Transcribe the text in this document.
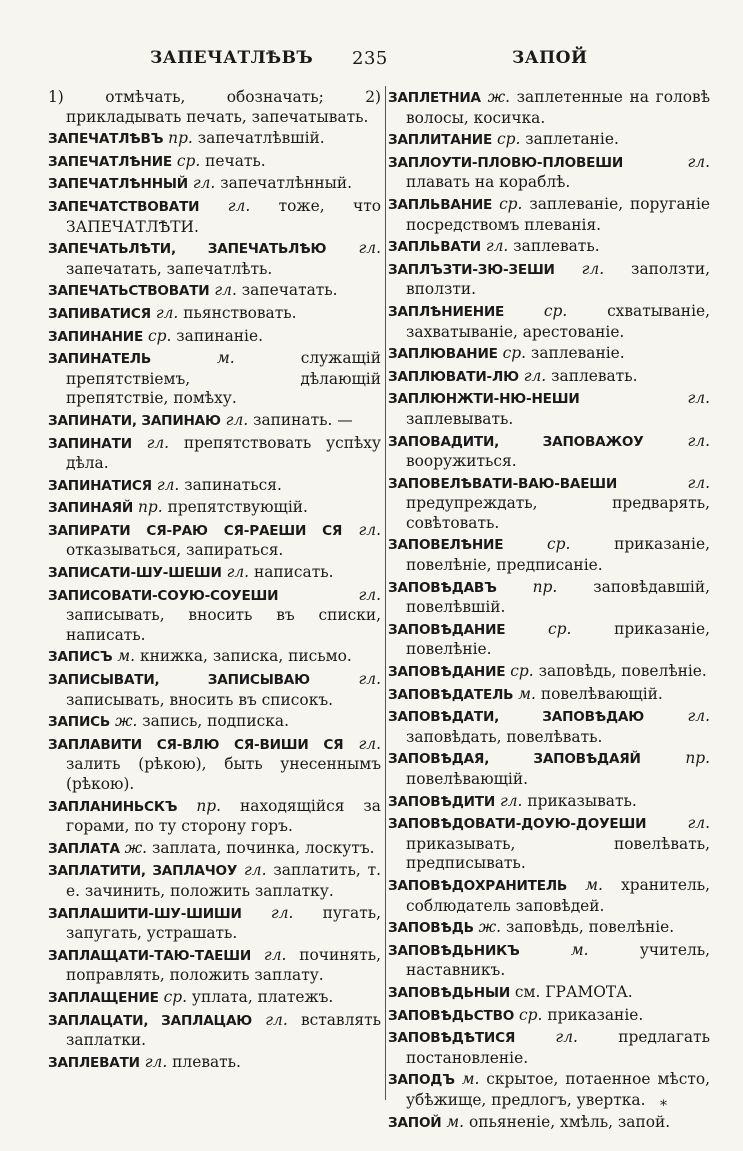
ЗАПЕЧАТЛѢВЪ 235	ЗАПОЙ
1) отмѣчать, обозначать; 2) прикладывать печать, запечатывать.
ЗАПЕЧАТЛѢВЪ пр. запечатлѣвшій.
ЗАПЕЧАТЛѢНИЕ ср. печать.
ЗАПЕЧАТЛѢННЫЙ гл. запечатлѣнный.
ЗАПЕЧАТСТВОВАТИ гл. тоже, что ЗАПЕЧАТЛѢТИ.
ЗАПЕЧАТЬЛѢТИ, ЗАПЕЧАТЬЛѢЮ гл. запечатать, запечатлѣть.
ЗАПЕЧАТЬСТВОВАТИ гл. запечатать.
ЗАПИВАТИСЯ гл. пьянствовать.
ЗАПИНАНИЕ ср. запинаніе.
ЗАПИНАТЕЛЬ	м.	служащій препятствіемъ, дѣлающій препятствіе, помѣху.
ЗАПИНАТИ, ЗАПИНАЮ гл. запинать. —
ЗАПИНАТИ гл. препятствовать успѣху дѣла.
ЗАПИНАТИСЯ гл. запинаться.
ЗАПИНАЯЙ пр. препятствующій.
ЗАПИРАТИ СЯ-РАЮ СЯ-РАЕШИ СЯ гл. отказываться, запираться.
ЗАПИСАТИ-ШУ-ШЕШИ гл. написать.
ЗАПИСОВАТИ-СОУЮ-СОУЕШИ	гл. записывать, вносить въ списки, написать.
ЗАПИСЪ м. книжка, записка, письмо.
ЗАПИСЫВАТИ, ЗАПИСЫВАЮ	гл. записывать, вносить въ списокъ.
ЗАПИСЬ ж. запись, подписка.
ЗАПЛАВИТИ СЯ-ВЛЮ СЯ-ВИШИ СЯ гл. залить (рѣкою), быть унесеннымъ (рѣкою).
ЗАПЛАНИНЬСКЪ пр. находящійся за горами, по ту сторону горъ.
ЗАПЛАТА ж. заплата, починка, лоскутъ.
ЗАПЛАТИТИ, ЗАПЛАЧОУ гл. заплатить, т. е. зачинить, положить заплатку.
ЗАПЛАШИТИ-ШУ-ШИШИ гл. пугать, запугать, устрашать.
ЗАПЛАЩАТИ-ТАЮ-ТАЕШИ гл. починять, поправлять, положить заплату.
ЗАПЛАЩЕНИЕ ср. уплата, платежъ.
ЗАПЛАЦАТИ, ЗАПЛАЦАЮ гл. вставлять заплатки.
ЗАПЛЕВАТИ гл. плевать.
ЗАПЛЕТНИА ж. заплетенные на головѣ волосы, косичка.
ЗАПЛИТАНИЕ ср. заплетаніе.
ЗАПЛОУТИ-ПЛОВЮ-ПЛОВЕШИ	гл. плавать на кораблѣ.
ЗАПЛЬВАНИЕ ср. заплеваніе, поруганіе посредствомъ плеванія.
ЗАПЛЬВАТИ гл. заплевать.
ЗАПЛЪЗТИ-ЗЮ-ЗЕШИ гл. заползти, вползти.
ЗАПЛѢНИЕНИЕ	ср.	схватываніе, захватываніе, арестованіе.
ЗАПЛЮВАНИЕ ср. заплеваніе.
ЗАПЛЮВАТИ-ЛЮ гл. заплевать.
ЗАПЛЮНЖТИ-НЮ-НЕШИ	гл. заплевывать.
ЗАПОВАДИТИ, ЗАПОВАЖОУ	гл. вооружиться.
ЗАПОВЕЛѢВАТИ-ВАЮ-ВАЕШИ	гл. предупреждать, предварять, совѣтовать.
ЗАПОВЕЛѢНИЕ	ср.	приказаніе, повелѣніе, предписаніе.
ЗАПОВѢДАВЪ пр. заповѣдавшій, повелѣвшій.
ЗАПОВѢДАНИЕ	ср.	приказаніе, повелѣніе.
ЗАПОВѢДАНИЕ ср. заповѣдь, повелѣніе.
ЗАПОВѢДАТЕЛЬ м. повелѣвающій.
ЗАПОВѢДАТИ, ЗАПОВѢДАЮ	гл. заповѣдать, повелѣвать.
ЗАПОВѢДАЯ, ЗАПОВѢДАЯЙ	пр. повелѣвающій.
ЗАПОВѢДИТИ гл. приказывать.
ЗАПОВѢДОВАТИ-ДОУЮ-ДОУЕШИ	гл. приказывать, повелѣвать, предписывать.
ЗАПОВѢДОХРАНИТЕЛЬ м. хранитель, соблюдатель заповѣдей.
ЗАПОВѢДЬ ж. заповѣдь, повелѣніе.
ЗАПОВѢДЬНИКЪ	м.	учитель, наставникъ.
ЗАПОВѢДЬНЫИ см. ГРАМОТА.
ЗАПОВѢДЬСТВО ср. приказаніе.
ЗАПОВѢДѢТИСЯ	гл.	предлагать постановленіе.
ЗАПОДЪ м. скрытое, потаенное мѣсто, убѣжище, предлогъ, увертка.
ЗАПОЙ м. опьяненіе, хмѣль, запой.
*
